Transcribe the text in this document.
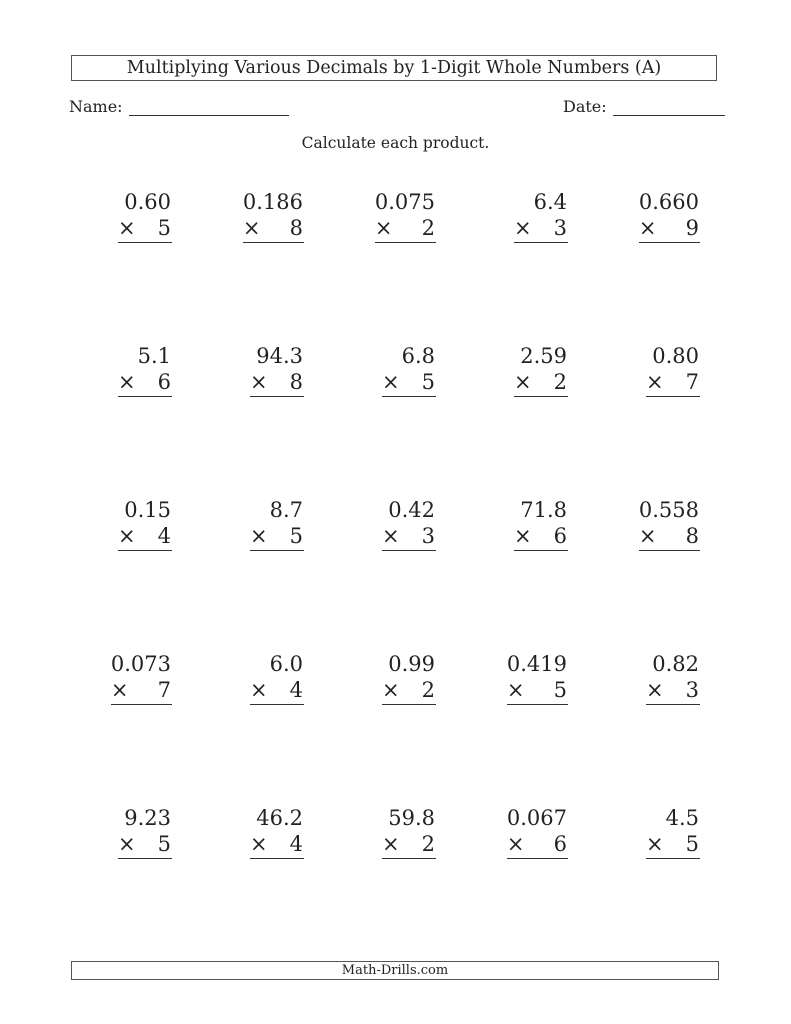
Multiplying Various Decimals by 1-Digit Whole Numbers (A)
Name:	Date:
Calculate each product.
0.60
×	5
0.186
×	8
0.075
×	2
6.4
×	3
0.660
×	9
5.1
×	6
94.3
×	8
6.8
×	5
2.59
×	2
0.80
×	7
0.15
×	4
8.7
×	5
0.42
×	3
71.8
×	6
0.558
×	8
0.073
×	7
6.0
×	4
0.99
×	2
0.419
×	5
0.82
×	3
9.23
×	5
46.2
×	4
59.8
×	2
0.067
×	6
4.5
×	5
Math-Drills.com
